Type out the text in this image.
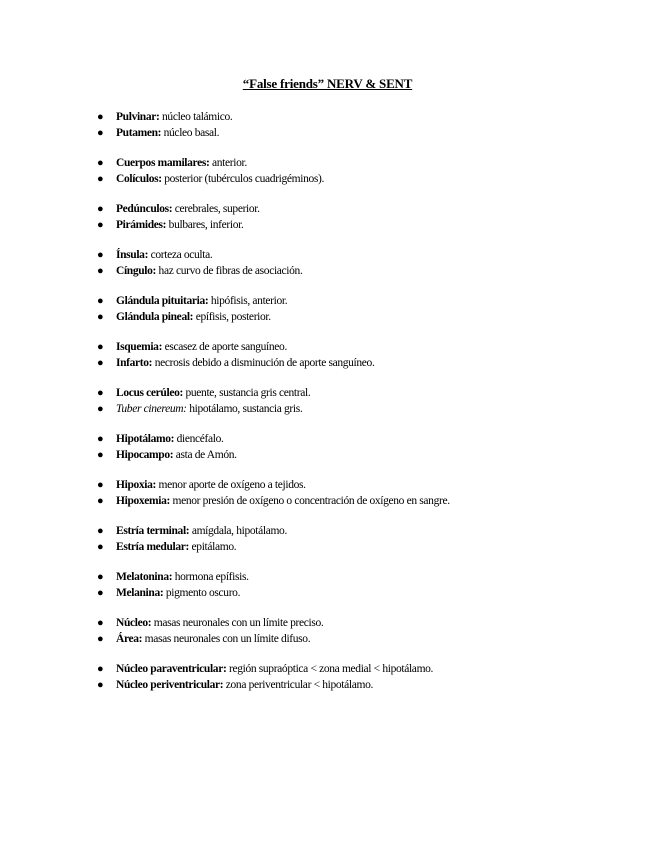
“False friends” NERV & SENT
● Pulvinar: núcleo talámico.
● Putamen: núcleo basal.
● Cuerpos mamilares: anterior.
● Colículos: posterior (tubérculos cuadrigéminos).
● Pedúnculos: cerebrales, superior.
● Pirámides: bulbares, inferior.
● Ínsula: corteza oculta.
● Cíngulo: haz curvo de fibras de asociación.
● Glándula pituitaria: hipófisis, anterior.
● Glándula pineal: epífisis, posterior.
● Isquemia: escasez de aporte sanguíneo.
● Infarto: necrosis debido a disminución de aporte sanguíneo.
● Locus cerúleo: puente, sustancia gris central.
● Tuber cinereum: hipotálamo, sustancia gris.
● Hipotálamo: diencéfalo.
● Hipocampo: asta de Amón.
● Hipoxia: menor aporte de oxígeno a tejidos.
● Hipoxemia: menor presión de oxígeno o concentración de oxígeno en sangre.
● Estría terminal: amígdala, hipotálamo.
● Estría medular: epitálamo.
● Melatonina: hormona epífisis.
● Melanina: pigmento oscuro.
● Núcleo: masas neuronales con un límite preciso.
● Área: masas neuronales con un límite difuso.
● Núcleo paraventricular: región supraóptica < zona medial < hipotálamo.
● Núcleo periventricular: zona periventricular < hipotálamo.
